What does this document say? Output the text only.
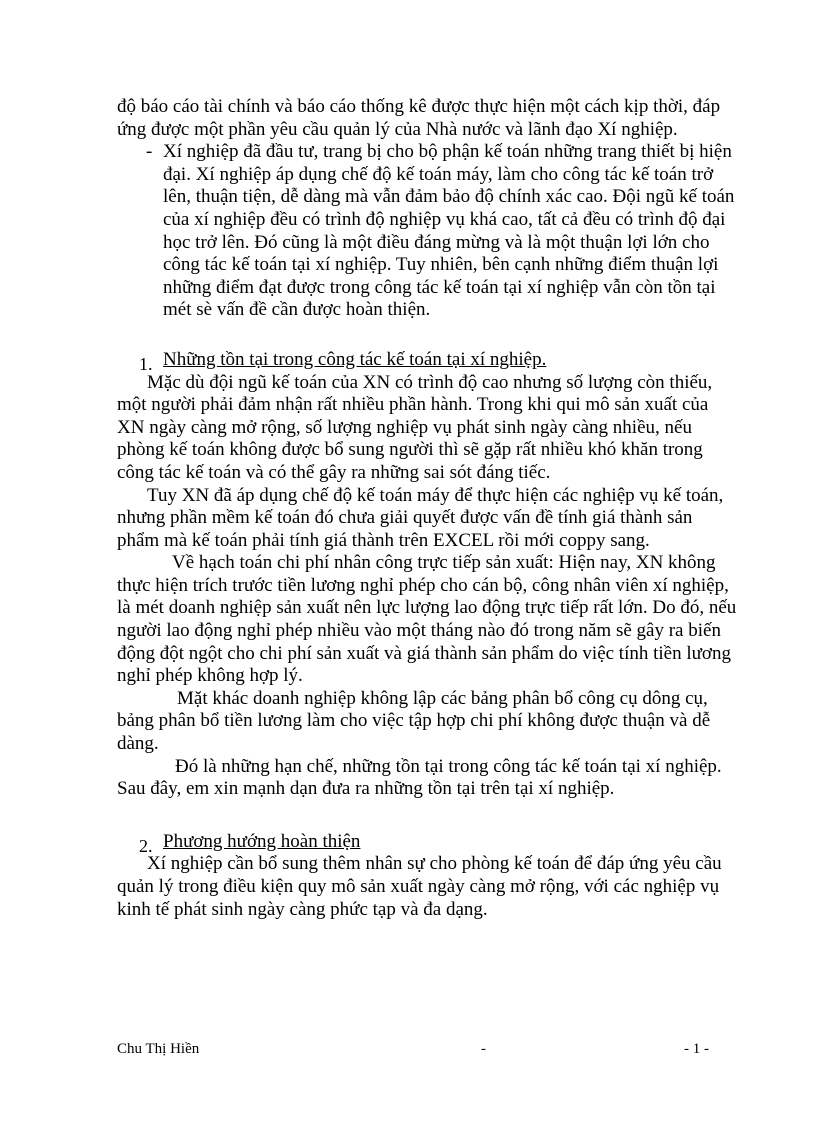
độ báo cáo tài chính và báo cáo thống kê được thực hiện một cách kịp thời, đáp ứng được một phần yêu cầu quản lý của Nhà nước và lãnh đạo Xí nghiệp.

- Xí nghiệp đã đầu tư, trang bị cho bộ phận kế toán những trang thiết bị hiện đại. Xí nghiệp áp dụng chế độ kế toán máy, làm cho công tác kế toán trở lên, thuận tiện, dễ dàng mà vẫn đảm bảo độ chính xác cao. Đội ngũ kế toán của xí nghiệp đều có trình độ nghiệp vụ khá cao, tất cả đều có trình độ đại học trở lên. Đó cũng là một điều đáng mừng và là một thuận lợi lớn cho công tác kế toán tại xí nghiệp. Tuy nhiên, bên cạnh những điểm thuận lợi những điểm đạt được trong công tác kế toán tại xí nghiệp vẫn còn tồn tại mét sè vấn đề cần được hoàn thiện.

1. Những tồn tại trong công tác kế toán tại xí nghiệp.

Mặc dù đội ngũ kế toán của XN có trình độ cao nhưng số lượng còn thiếu, một người phải đảm nhận rất nhiều phần hành. Trong khi qui mô sản xuất của XN ngày càng mở rộng, số lượng nghiệp vụ phát sinh ngày càng nhiều, nếu phòng kế toán không được bổ sung người thì sẽ gặp rất nhiều khó khăn trong công tác kế toán và có thể gây ra những sai sót đáng tiếc.

Tuy XN đã áp dụng chế độ kế toán máy để thực hiện các nghiệp vụ kế toán, nhưng phần mềm kế toán đó chưa giải quyết được vấn đề tính giá thành sản phẩm mà kế toán phải tính giá thành trên EXCEL rồi mới coppy sang.

Về hạch toán chi phí nhân công trực tiếp sản xuất: Hiện nay, XN không thực hiện trích trước tiền lương nghỉ phép cho cán bộ, công nhân viên xí nghiệp, là mét doanh nghiệp sản xuất nên lực lượng lao động trực tiếp rất lớn. Do đó, nếu người lao động nghỉ phép nhiều vào một tháng nào đó trong năm sẽ gây ra biến động đột ngột cho chi phí sản xuất và giá thành sản phẩm do việc tính tiền lương nghỉ phép không hợp lý.

Mặt khác doanh nghiệp không lập các bảng phân bổ công cụ dông cụ, bảng phân bổ tiền lương làm cho việc tập hợp chi phí không được thuận và dễ dàng.

Đó là những hạn chế, những tồn tại trong công tác kế toán tại xí nghiệp. Sau đây, em xin mạnh dạn đưa ra những tồn tại trên tại xí nghiệp.

2. Phương hướng hoàn thiện

Xí nghiệp cần bổ sung thêm nhân sự cho phòng kế toán để đáp ứng yêu cầu quản lý trong điều kiện quy mô sản xuất ngày càng mở rộng, với các nghiệp vụ kinh tế phát sinh ngày càng phức tạp và đa dạng.

Chu Thị Hiền	-	- 1 -
